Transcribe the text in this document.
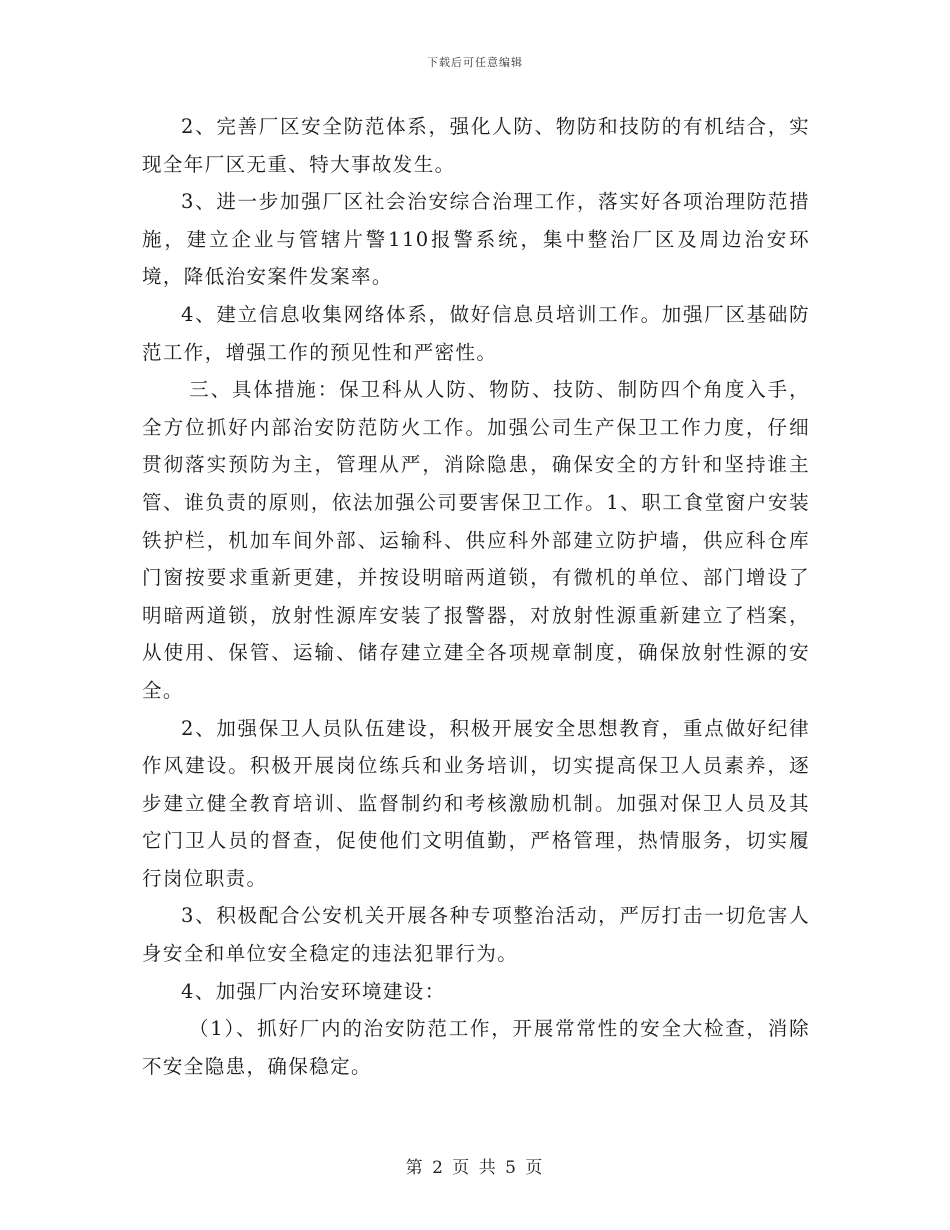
下载后可任意编辑

2、完善厂区安全防范体系，强化人防、物防和技防的有机结合，实现全年厂区无重、特大事故发生。

3、进一步加强厂区社会治安综合治理工作，落实好各项治理防范措施，建立企业与管辖片警110报警系统，集中整治厂区及周边治安环境，降低治安案件发案率。

4、建立信息收集网络体系，做好信息员培训工作。加强厂区基础防范工作，增强工作的预见性和严密性。

三、具体措施：保卫科从人防、物防、技防、制防四个角度入手，全方位抓好内部治安防范防火工作。加强公司生产保卫工作力度，仔细贯彻落实预防为主，管理从严，消除隐患，确保安全的方针和坚持谁主管、谁负责的原则，依法加强公司要害保卫工作。1、职工食堂窗户安装铁护栏，机加车间外部、运输科、供应科外部建立防护墙，供应科仓库门窗按要求重新更建，并按设明暗两道锁，有微机的单位、部门增设了明暗两道锁，放射性源库安装了报警器，对放射性源重新建立了档案，从使用、保管、运输、储存建立建全各项规章制度，确保放射性源的安全。

2、加强保卫人员队伍建设，积极开展安全思想教育，重点做好纪律作风建设。积极开展岗位练兵和业务培训，切实提高保卫人员素养，逐步建立健全教育培训、监督制约和考核激励机制。加强对保卫人员及其它门卫人员的督查，促使他们文明值勤，严格管理，热情服务，切实履行岗位职责。

3、积极配合公安机关开展各种专项整治活动，严厉打击一切危害人身安全和单位安全稳定的违法犯罪行为。

4、加强厂内治安环境建设：

（1）、抓好厂内的治安防范工作，开展常常性的安全大检查，消除不安全隐患，确保稳定。

第 2 页 共 5 页
